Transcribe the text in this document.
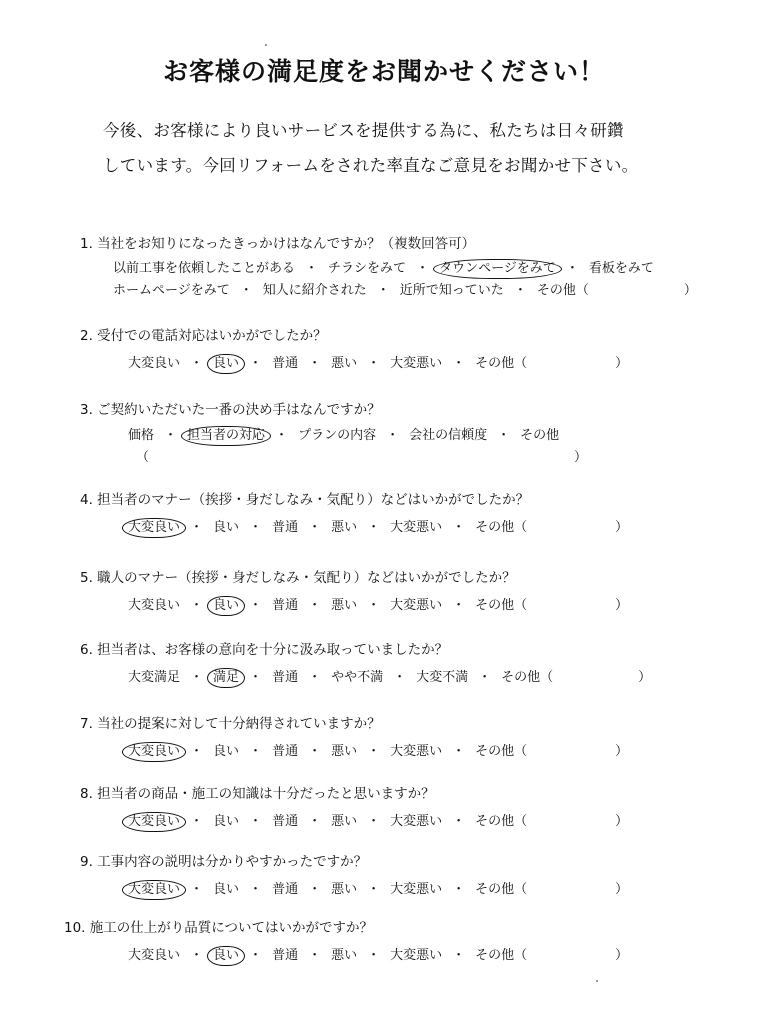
お客様の満足度をお聞かせください！
今後、お客様により良いサービスを提供する為に、私たちは日々研鑽
しています。今回リフォームをされた率直なご意見をお聞かせ下さい。
1. 当社をお知りになったきっかけはなんですか？（複数回答可）
以前工事を依頼したことがある ・ チラシをみて ・ タウンページをみて ・ 看板をみて
ホームページをみて ・ 知人に紹介された ・ 近所で知っていた ・ その他（	）
2. 受付での電話対応はいかがでしたか？
大変良い ・ 良い ・ 普通 ・ 悪い ・ 大変悪い ・ その他（	）
3. ご契約いただいた一番の決め手はなんですか？
価格 ・ 担当者の対応 ・ プランの内容 ・ 会社の信頼度 ・ その他
（	）
4. 担当者のマナー（挨拶・身だしなみ・気配り）などはいかがでしたか？
大変良い ・ 良い ・ 普通 ・ 悪い ・ 大変悪い ・ その他（	）
5. 職人のマナー（挨拶・身だしなみ・気配り）などはいかがでしたか？
大変良い ・ 良い ・ 普通 ・ 悪い ・ 大変悪い ・ その他（	）
6. 担当者は、お客様の意向を十分に汲み取っていましたか？
大変満足 ・ 満足 ・ 普通 ・ やや不満 ・ 大変不満 ・ その他（	）
7. 当社の提案に対して十分納得されていますか？
大変良い ・ 良い ・ 普通 ・ 悪い ・ 大変悪い ・ その他（	）
8. 担当者の商品・施工の知識は十分だったと思いますか？
大変良い ・ 良い ・ 普通 ・ 悪い ・ 大変悪い ・ その他（	）
9. 工事内容の説明は分かりやすかったですか？
大変良い ・ 良い ・ 普通 ・ 悪い ・ 大変悪い ・ その他（	）
10. 施工の仕上がり品質についてはいかがですか？
大変良い ・ 良い ・ 普通 ・ 悪い ・ 大変悪い ・ その他（	）
